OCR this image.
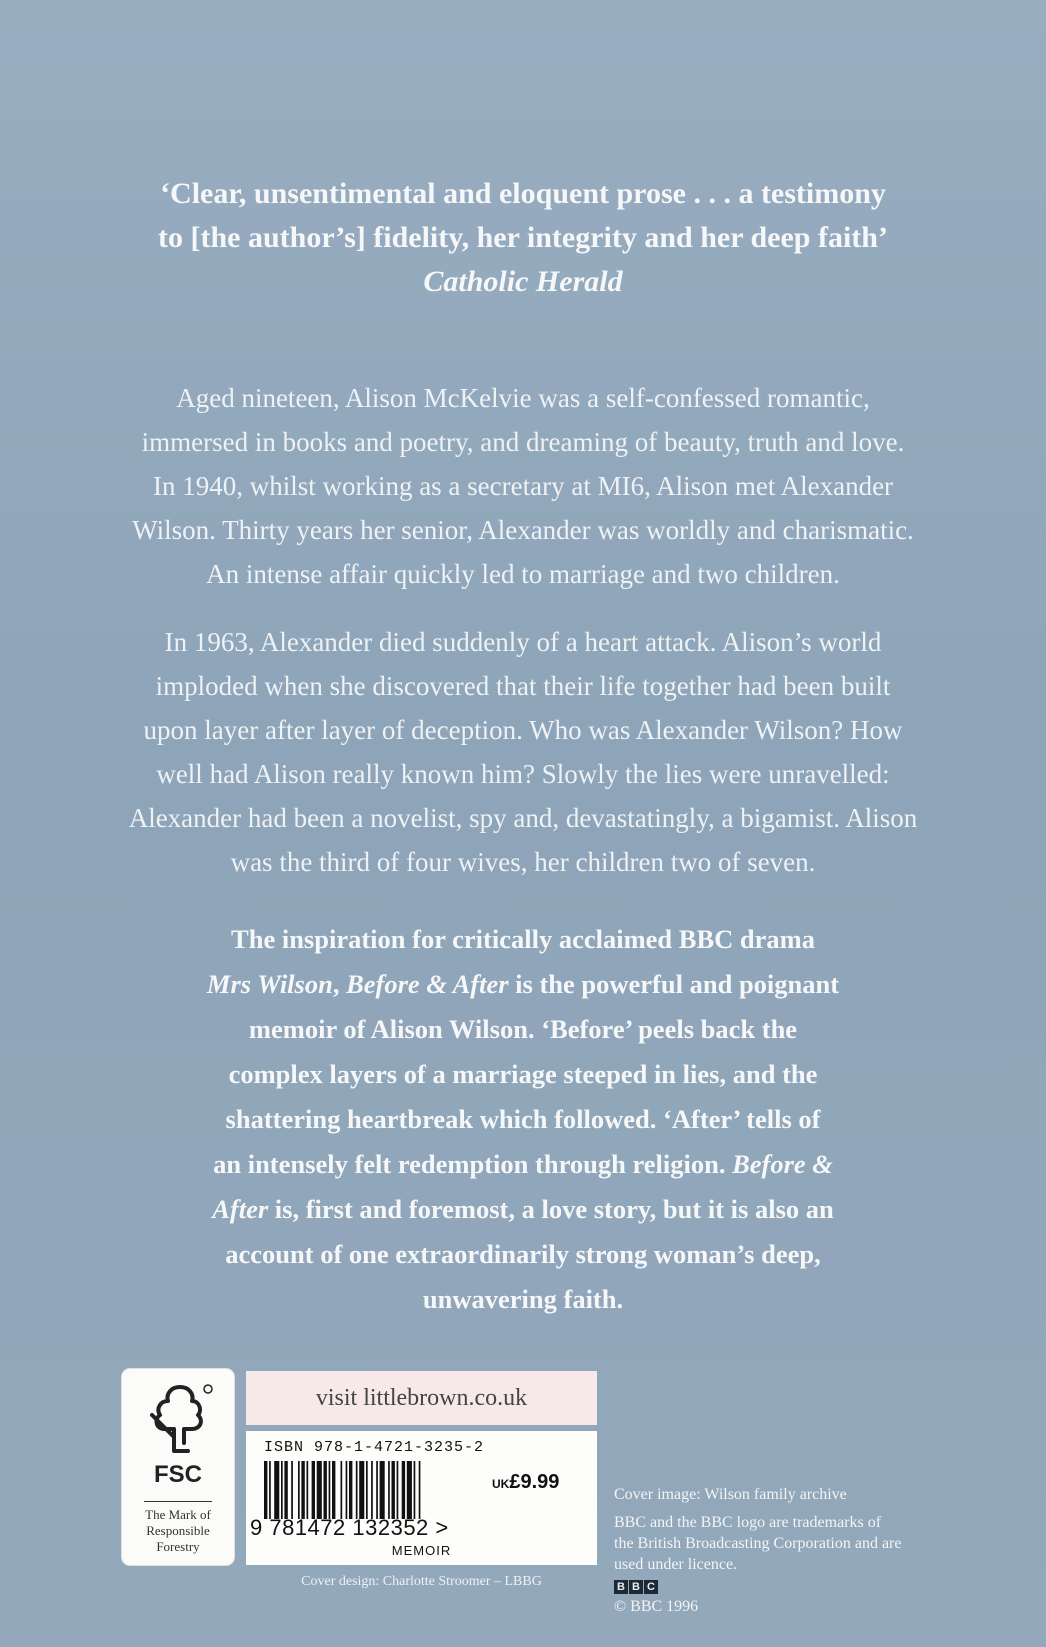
‘Clear, unsentimental and eloquent prose . . . a testimony
to [the author’s] fidelity, her integrity and her deep faith’
Catholic Herald
Aged nineteen, Alison McKelvie was a self-confessed romantic,
immersed in books and poetry, and dreaming of beauty, truth and love.
In 1940, whilst working as a secretary at MI6, Alison met Alexander
Wilson. Thirty years her senior, Alexander was worldly and charismatic.
An intense affair quickly led to marriage and two children.
In 1963, Alexander died suddenly of a heart attack. Alison’s world
imploded when she discovered that their life together had been built
upon layer after layer of deception. Who was Alexander Wilson? How
well had Alison really known him? Slowly the lies were unravelled:
Alexander had been a novelist, spy and, devastatingly, a bigamist. Alison
was the third of four wives, her children two of seven.
The inspiration for critically acclaimed BBC drama
Mrs Wilson, Before & After is the powerful and poignant
memoir of Alison Wilson. ‘Before’ peels back the
complex layers of a marriage steeped in lies, and the
shattering heartbreak which followed. ‘After’ tells of
an intensely felt redemption through religion. Before &
After is, first and foremost, a love story, but it is also an
account of one extraordinarily strong woman’s deep,
unwavering faith.
FSC
The Mark of
Responsible
Forestry
visit littlebrown.co.uk
ISBN 978-1-4721-3235-2
UK£9.99
9 781472 132352 >
MEMOIR
Cover image: Wilson family archive
BBC and the BBC logo are trademarks of
the British Broadcasting Corporation and are
used under licence.
B B C
© BBC 1996
Cover design: Charlotte Stroomer – LBBG
